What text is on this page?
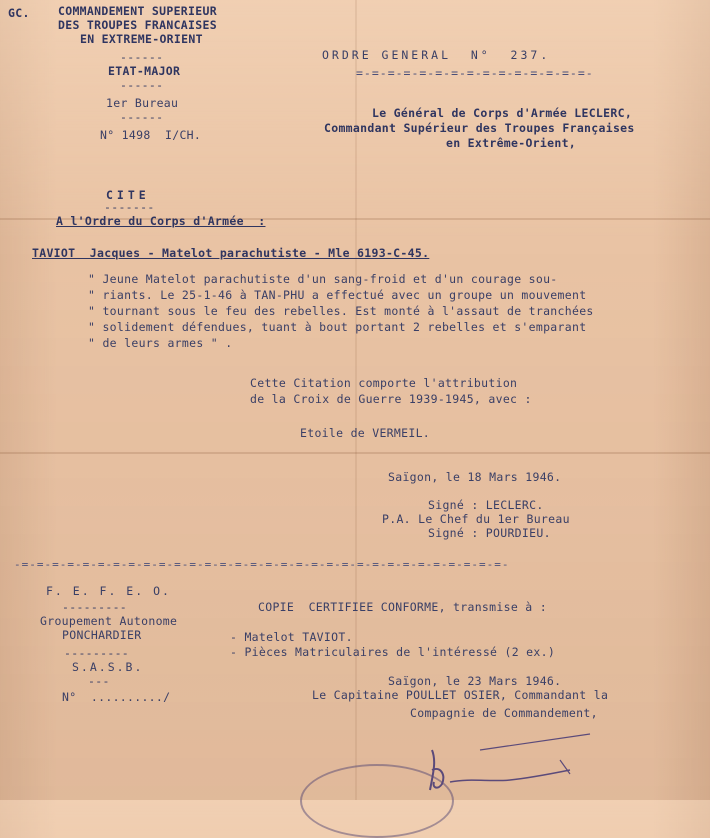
GC. COMMANDEMENT SUPERIEUR
DES TROUPES FRANCAISES
EN EXTREME-ORIENT
------
ETAT-MAJOR
------
1er Bureau
------
N° 1498  I/CH.
ORDRE GENERAL  N°  237.
=-=-=-=-=-=-=-=-=-=-=-=-=-=-=-
Le Général de Corps d'Armée LECLERC,
Commandant Supérieur des Troupes Françaises
en Extrême-Orient,
CITE
-------
A l'Ordre du Corps d'Armée  :
TAVIOT  Jacques - Matelot parachutiste - Mle 6193-C-45.
" Jeune Matelot parachutiste d'un sang-froid et d'un courage sou-
" riants. Le 25-1-46 à TAN-PHU a effectué avec un groupe un mouvement
" tournant sous le feu des rebelles. Est monté à l'assaut de tranchées
" solidement défendues, tuant à bout portant 2 rebelles et s'emparant
" de leurs armes " .
Cette Citation comporte l'attribution
de la Croix de Guerre 1939-1945, avec :
Etoile de VERMEIL.
Saïgon, le 18 Mars 1946.
Signé : LECLERC.
P.A. Le Chef du 1er Bureau
Signé : POURDIEU.
-=-=-=-=-=-=-=-=-=-=-=-=-=-=-=-=-=-=-=-=-=-=-=-=-=-=-=-=-=-=-=-=-
F. E. F. E. O.
---------
Groupement Autonome
PONCHARDIER
---------
S.A.S.B.
---
N°  ........../
COPIE  CERTIFIEE CONFORME, transmise à :
- Matelot TAVIOT.
- Pièces Matriculaires de l'intéressé (2 ex.)
Saïgon, le 23 Mars 1946.
Le Capitaine POULLET OSIER, Commandant la
Compagnie de Commandement,
